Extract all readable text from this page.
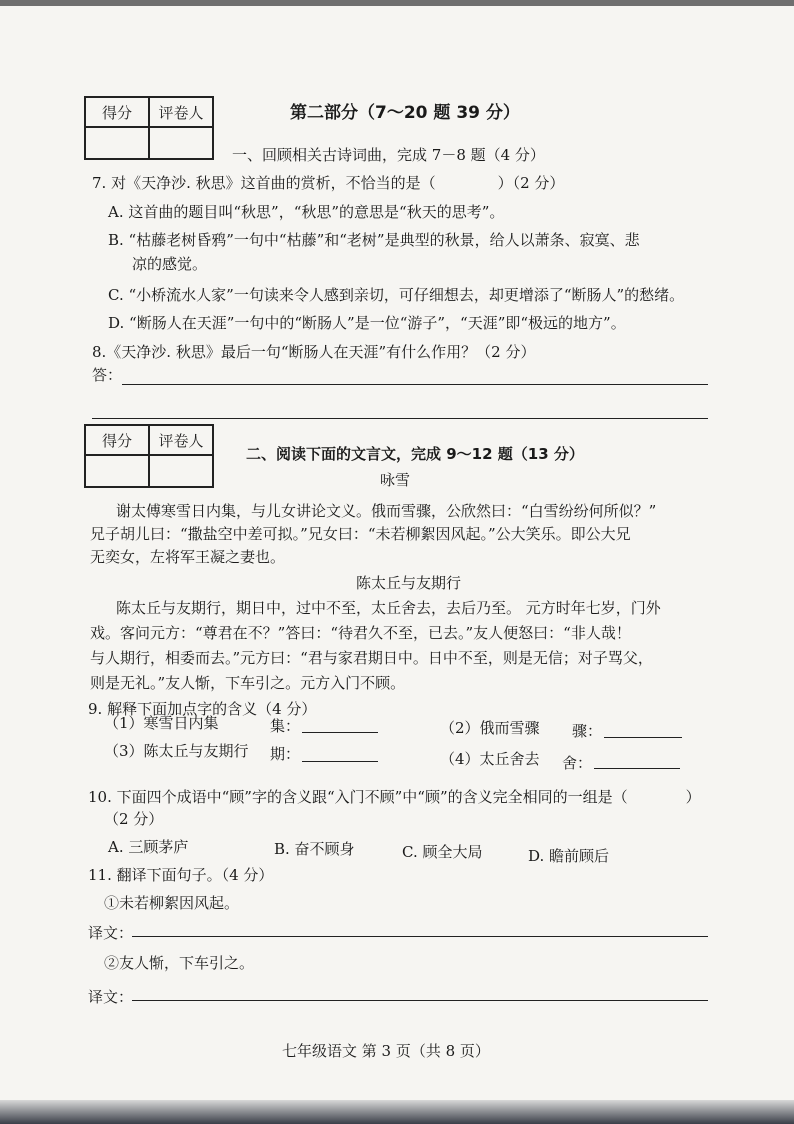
得分	评卷人
		第二部分（7～20 题 39 分）
一、回顾相关古诗词曲，完成 7－8 题（4 分）
7. 对《天净沙. 秋思》这首曲的赏析，不恰当的是（	）（2 分）
A. 这首曲的题目叫“秋思”，“秋思”的意思是“秋天的思考”。
B. “枯藤老树昏鸦”一句中“枯藤”和“老树”是典型的秋景，给人以萧条、寂寞、悲
凉的感觉。
C. “小桥流水人家”一句读来令人感到亲切，可仔细想去，却更增添了“断肠人”的愁绪。
D. “断肠人在天涯”一句中的“断肠人”是一位“游子”，“天涯”即“极远的地方”。
8.《天净沙. 秋思》最后一句“断肠人在天涯”有什么作用？（2 分）
答：
得分	评卷人

二、阅读下面的文言文，完成 9～12 题（13 分）
咏雪
谢太傅寒雪日内集，与儿女讲论文义。俄而雪骤，公欣然曰：“白雪纷纷何所似？”
兄子胡儿曰：“撒盐空中差可拟。”兄女曰：“未若柳絮因风起。”公大笑乐。即公大兄
无奕女，左将军王凝之妻也。
陈太丘与友期行
陈太丘与友期行，期日中，过中不至，太丘舍去，去后乃至。 元方时年七岁，门外
戏。客问元方：“尊君在不？”答曰：“待君久不至，已去。”友人便怒曰：“非人哉！
与人期行，相委而去。”元方曰：“君与家君期日中。日中不至，则是无信；对子骂父，
则是无礼。”友人惭，下车引之。元方入门不顾。
9. 解释下面加点字的含义（4 分）
（1）寒雪日内集	集：	（2）俄而雪骤 骤：
（3）陈太丘与友期行 期：	（4）太丘舍去 舍：
10. 下面四个成语中“顾”字的含义跟“入门不顾”中“顾”的含义完全相同的一组是（	）
（2 分）
A. 三顾茅庐	B. 奋不顾身	C. 顾全大局	D. 瞻前顾后
11. 翻译下面句子。（4 分）
①未若柳絮因风起。
译文：
②友人惭，下车引之。
译文：
七年级语文 第 3 页（共 8 页）
